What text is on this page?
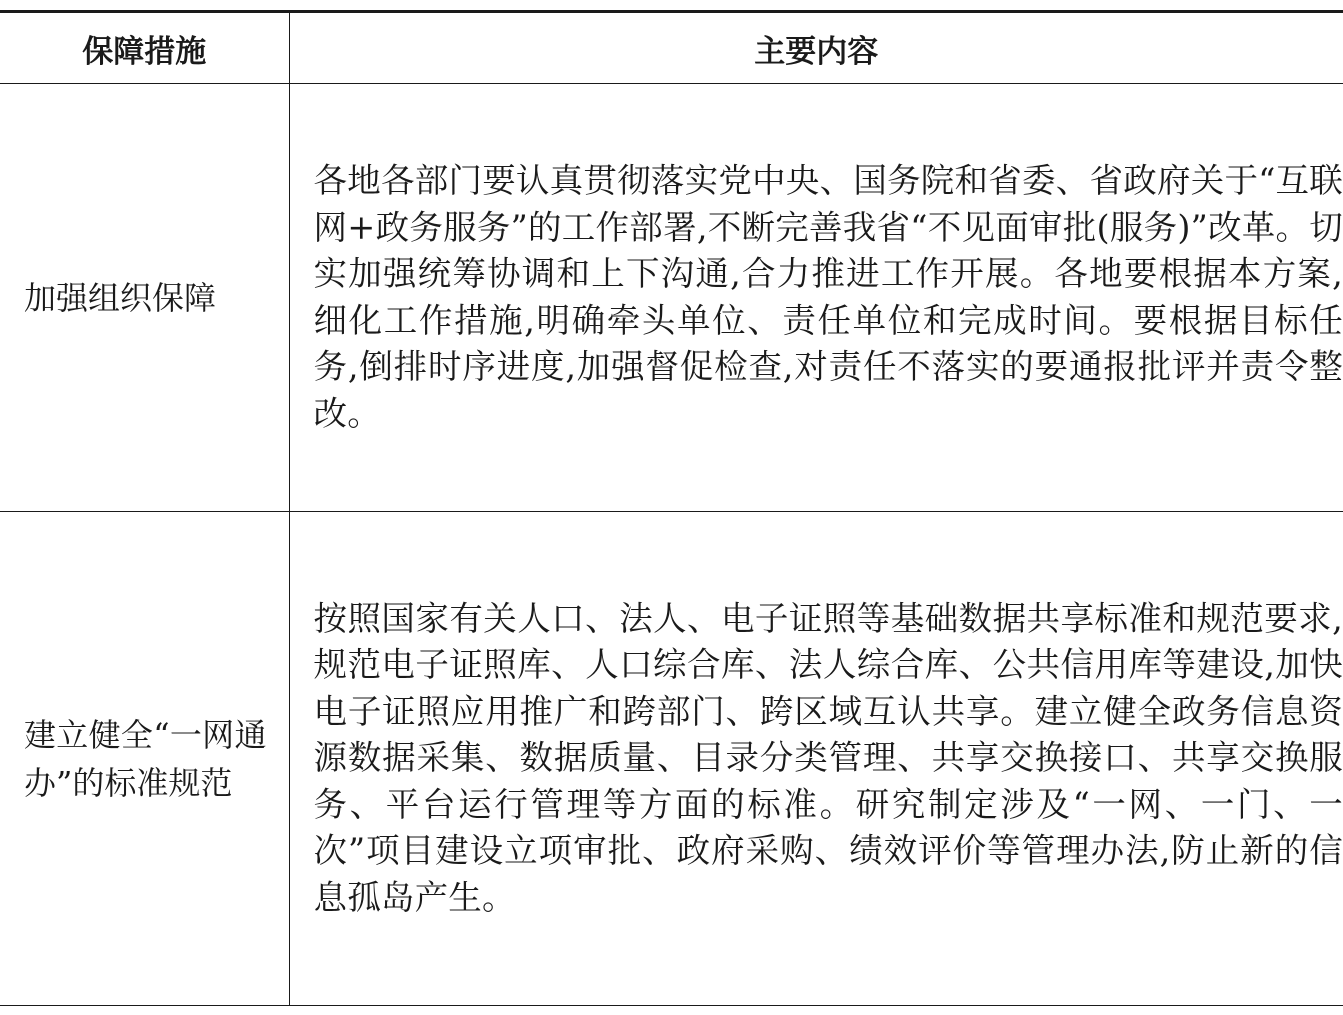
保障措施	主要内容
加强组织保障	各地各部门要认真贯彻落实党中央、国务院和省委、省政府关于“互联网+政务服务”的工作部署,不断完善我省“不见面审批(服务)”改革。切实加强统筹协调和上下沟通,合力推进工作开展。各地要根据本方案,细化工作措施,明确牵头单位、责任单位和完成时间。要根据目标任务,倒排时序进度,加强督促检查,对责任不落实的要通报批评并责令整改。
建立健全“一网通办”的标准规范	按照国家有关人口、法人、电子证照等基础数据共享标准和规范要求,规范电子证照库、人口综合库、法人综合库、公共信用库等建设,加快电子证照应用推广和跨部门、跨区域互认共享。建立健全政务信息资源数据采集、数据质量、目录分类管理、共享交换接口、共享交换服务、平台运行管理等方面的标准。研究制定涉及“一网、一门、一次”项目建设立项审批、政府采购、绩效评价等管理办法,防止新的信息孤岛产生。
